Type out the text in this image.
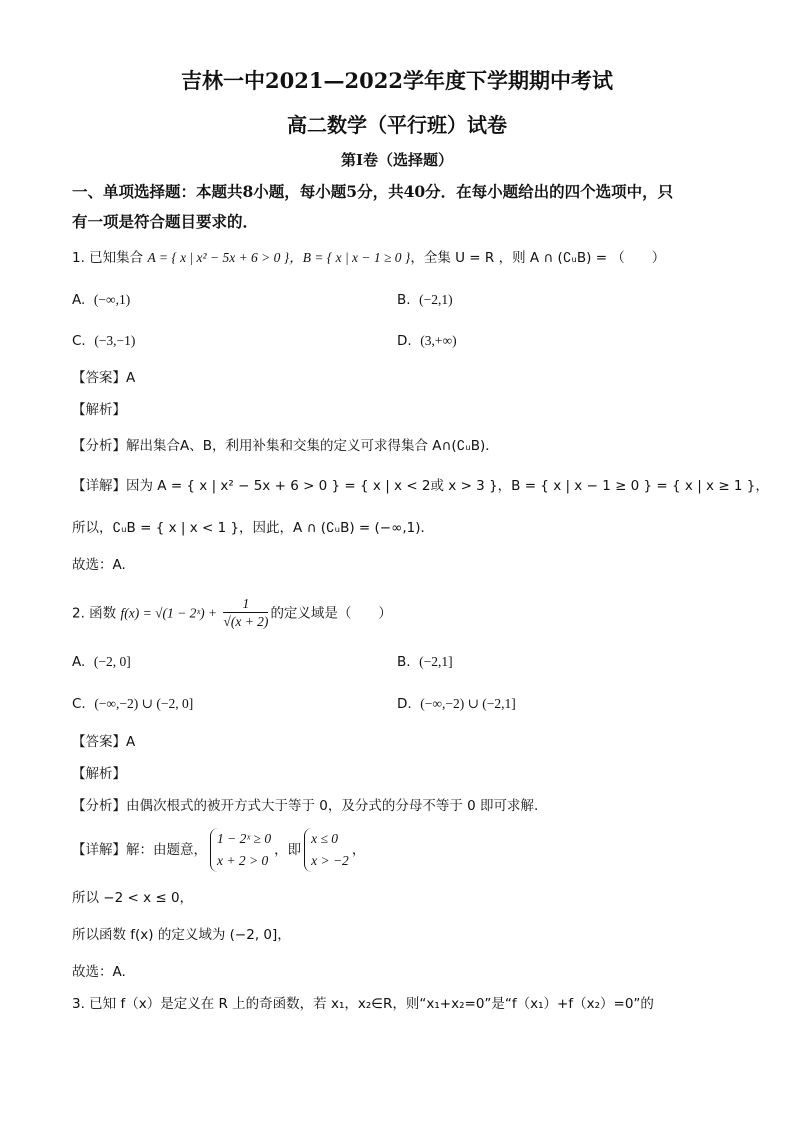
吉林一中2021—2022学年度下学期期中考试
高二数学（平行班）试卷
第Ⅰ卷（选择题）
一、单项选择题：本题共8小题，每小题5分，共40分．在每小题给出的四个选项中，只
有一项是符合题目要求的．
1. 已知集合 A = { x | x² − 5x + 6 > 0 }，B = { x | x − 1 ≥ 0 }，全集 U = R ，则 A ∩ (∁ᵤB) = （　　）
A. (−∞,1)	B. (−2,1)
C. (−3,−1)	D. (3,+∞)
【答案】A
【解析】
【分析】解出集合A、B，利用补集和交集的定义可求得集合 A∩(∁ᵤB)．
【详解】因为 A = { x | x² − 5x + 6 > 0 } = { x | x < 2或 x > 3 }，B = { x | x − 1 ≥ 0 } = { x | x ≥ 1 }，
所以，∁ᵤB = { x | x < 1 }，因此，A ∩ (∁ᵤB) = (−∞,1)．
故选：A.
2. 函数 f(x) = √(1 − 2ˣ) + $\frac{1}{√(x + 2)}$ 的定义域是（　　）
A. (−2, 0]	B. (−2,1]
C. (−∞,−2) ∪ (−2, 0]	D. (−∞,−2) ∪ (−2,1]
【答案】A
【解析】
【分析】由偶次根式的被开方式大于等于 0，及分式的分母不等于 0 即可求解.
【详解】解：由题意，
1 − 2ˣ ≥ 0
x + 2 > 0
，即
x ≤ 0
x > −2
，
所以 −2 < x ≤ 0，
所以函数 f(x) 的定义域为 (−2, 0]，
故选：A.
3. 已知 f（x）是定义在 R 上的奇函数，若 x₁，x₂∈R，则“x₁+x₂=0”是“f（x₁）+f（x₂）=0”的
